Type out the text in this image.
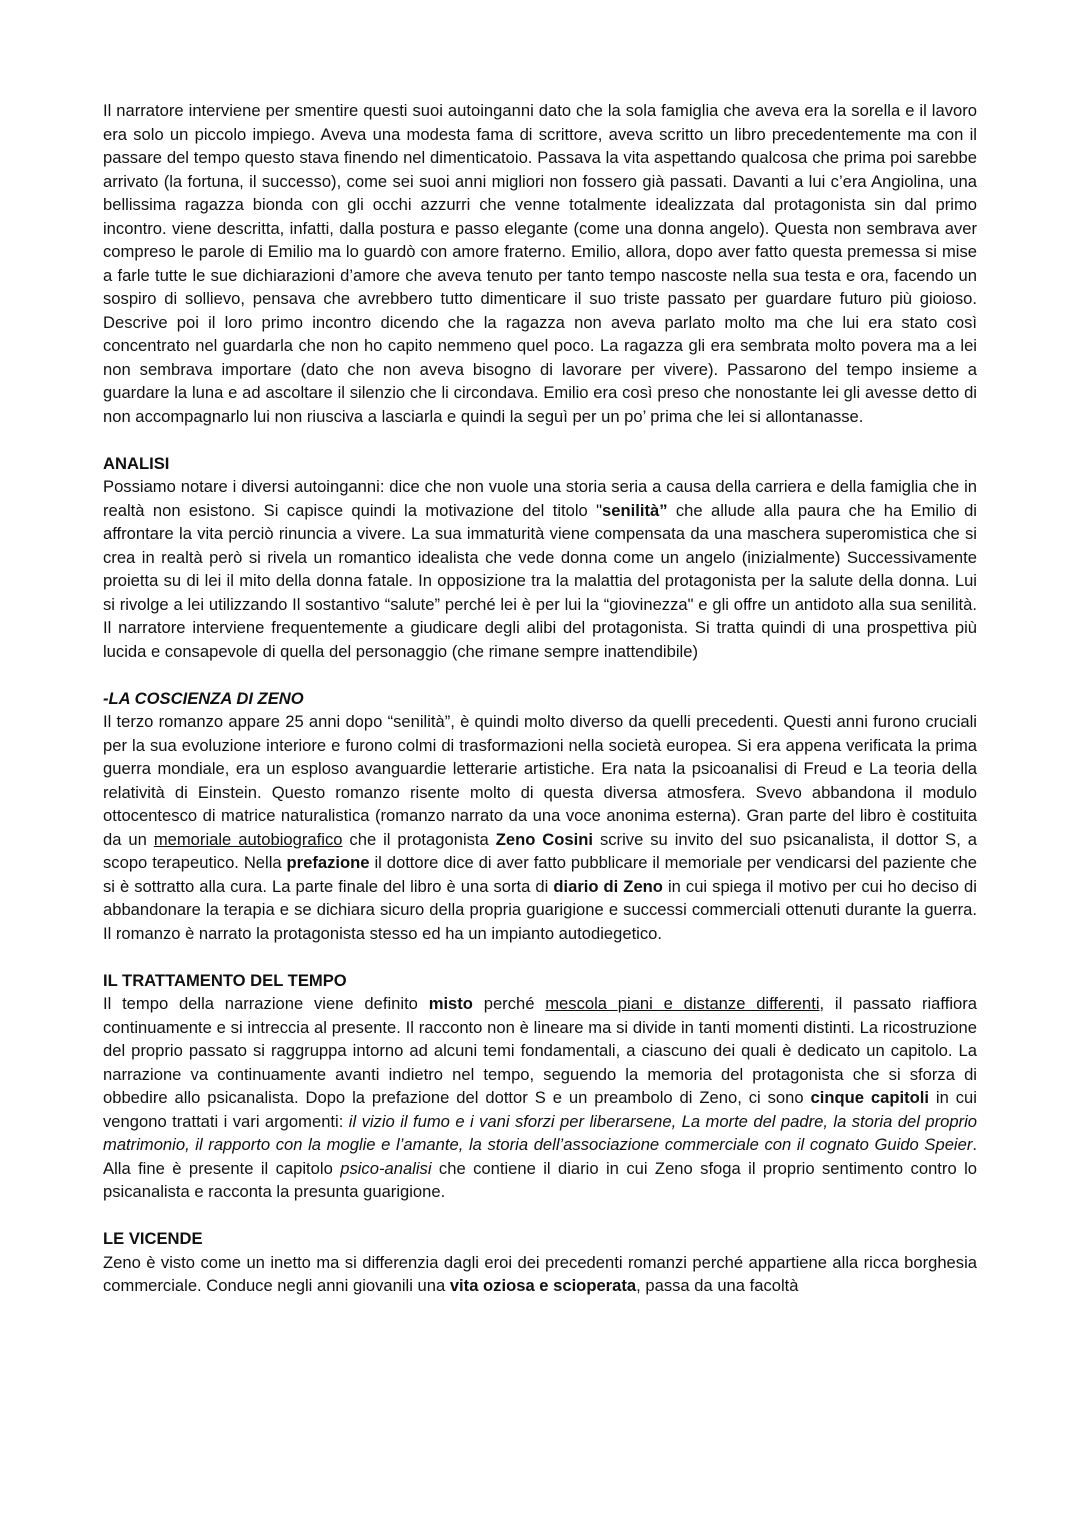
Il narratore interviene per smentire questi suoi autoinganni dato che la sola famiglia che aveva era la sorella e il lavoro era solo un piccolo impiego. Aveva una modesta fama di scrittore, aveva scritto un libro precedentemente ma con il passare del tempo questo stava finendo nel dimenticatoio. Passava la vita aspettando qualcosa che prima poi sarebbe arrivato (la fortuna, il successo), come sei suoi anni migliori non fossero già passati. Davanti a lui c’era Angiolina, una bellissima ragazza bionda con gli occhi azzurri che venne totalmente idealizzata dal protagonista sin dal primo incontro. viene descritta, infatti, dalla postura e passo elegante (come una donna angelo). Questa non sembrava aver compreso le parole di Emilio ma lo guardò con amore fraterno. Emilio, allora, dopo aver fatto questa premessa si mise a farle tutte le sue dichiarazioni d’amore che aveva tenuto per tanto tempo nascoste nella sua testa e ora, facendo un sospiro di sollievo, pensava che avrebbero tutto dimenticare il suo triste passato per guardare futuro più gioioso. Descrive poi il loro primo incontro dicendo che la ragazza non aveva parlato molto ma che lui era stato così concentrato nel guardarla che non ho capito nemmeno quel poco. La ragazza gli era sembrata molto povera ma a lei non sembrava importare (dato che non aveva bisogno di lavorare per vivere). Passarono del tempo insieme a guardare la luna e ad ascoltare il silenzio che li circondava. Emilio era così preso che nonostante lei gli avesse detto di non accompagnarlo lui non riusciva a lasciarla e quindi la seguì per un po’ prima che lei si allontanasse.

ANALISI

Possiamo notare i diversi autoinganni: dice che non vuole una storia seria a causa della carriera e della famiglia che in realtà non esistono. Si capisce quindi la motivazione del titolo "senilità” che allude alla paura che ha Emilio di affrontare la vita perciò rinuncia a vivere. La sua immaturità viene compensata da una maschera superomistica che si crea in realtà però si rivela un romantico idealista che vede donna come un angelo (inizialmente) Successivamente proietta su di lei il mito della donna fatale. In opposizione tra la malattia del protagonista per la salute della donna. Lui si rivolge a lei utilizzando Il sostantivo “salute” perché lei è per lui la “giovinezza" e gli offre un antidoto alla sua senilità. Il narratore interviene frequentemente a giudicare degli alibi del protagonista. Si tratta quindi di una prospettiva più lucida e consapevole di quella del personaggio (che rimane sempre inattendibile)

-LA COSCIENZA DI ZENO

Il terzo romanzo appare 25 anni dopo “senilità”, è quindi molto diverso da quelli precedenti. Questi anni furono cruciali per la sua evoluzione interiore e furono colmi di trasformazioni nella società europea. Si era appena verificata la prima guerra mondiale, era un esploso avanguardie letterarie artistiche. Era nata la psicoanalisi di Freud e La teoria della relatività di Einstein. Questo romanzo risente molto di questa diversa atmosfera. Svevo abbandona il modulo ottocentesco di matrice naturalistica (romanzo narrato da una voce anonima esterna). Gran parte del libro è costituita da un memoriale autobiografico che il protagonista Zeno Cosini scrive su invito del suo psicanalista, il dottor S, a scopo terapeutico. Nella prefazione il dottore dice di aver fatto pubblicare il memoriale per vendicarsi del paziente che si è sottratto alla cura. La parte finale del libro è una sorta di diario di Zeno in cui spiega il motivo per cui ho deciso di abbandonare la terapia e se dichiara sicuro della propria guarigione e successi commerciali ottenuti durante la guerra. Il romanzo è narrato la protagonista stesso ed ha un impianto autodiegetico.

IL TRATTAMENTO DEL TEMPO

Il tempo della narrazione viene definito misto perché mescola piani e distanze differenti, il passato riaffiora continuamente e si intreccia al presente. Il racconto non è lineare ma si divide in tanti momenti distinti. La ricostruzione del proprio passato si raggruppa intorno ad alcuni temi fondamentali, a ciascuno dei quali è dedicato un capitolo. La narrazione va continuamente avanti indietro nel tempo, seguendo la memoria del protagonista che si sforza di obbedire allo psicanalista. Dopo la prefazione del dottor S e un preambolo di Zeno, ci sono cinque capitoli in cui vengono trattati i vari argomenti: il vizio il fumo e i vani sforzi per liberarsene, La morte del padre, la storia del proprio matrimonio, il rapporto con la moglie e l’amante, la storia dell’associazione commerciale con il cognato Guido Speier. Alla fine è presente il capitolo psico-analisi che contiene il diario in cui Zeno sfoga il proprio sentimento contro lo psicanalista e racconta la presunta guarigione.

LE VICENDE

Zeno è visto come un inetto ma si differenzia dagli eroi dei precedenti romanzi perché appartiene alla ricca borghesia commerciale. Conduce negli anni giovanili una vita oziosa e scioperata, passa da una facoltà
